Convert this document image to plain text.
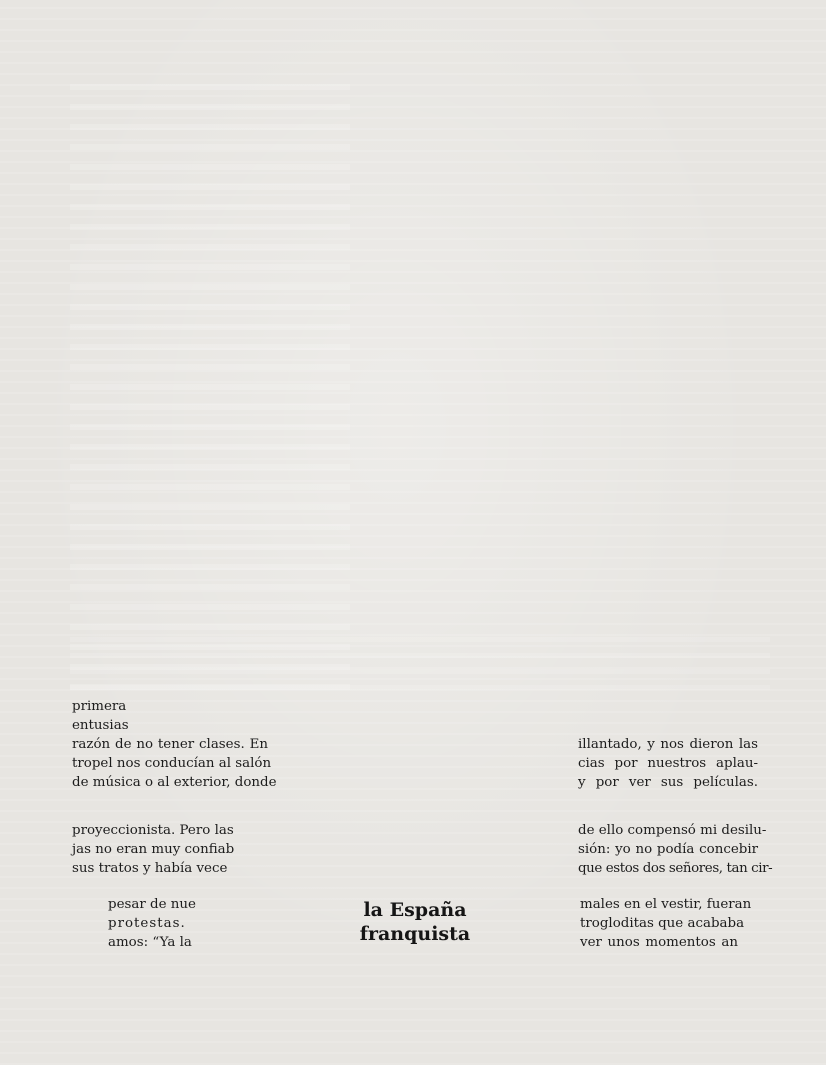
primera

entusias

razón de no tener clases. En

tropel nos conducían al salón

de música o al exterior, donde

proyeccionista. Pero las

jas no eran muy confiab

sus tratos y había vece

pesar de nue

protestas.

amos: “Ya la

la España
franquista

illantado, y nos dieron las

cias por nuestros aplau-

y por ver sus películas.

de ello compensó mi desilu-

sión: yo no podía concebir

que estos dos señores, tan cir-

males en el vestir, fueran

trogloditas que acababa

ver unos momentos an
